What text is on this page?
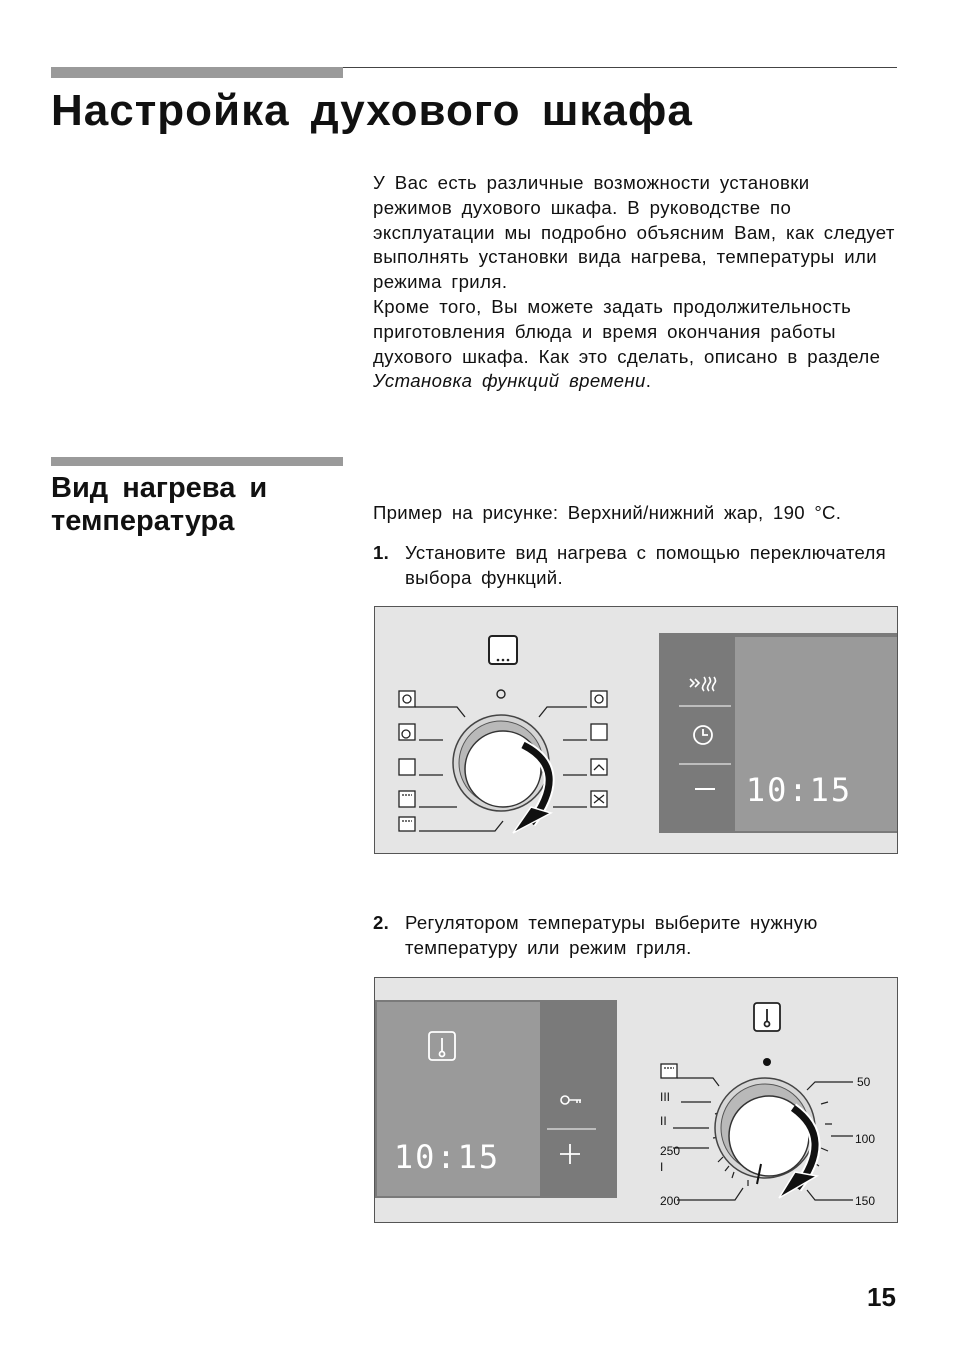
Настройка духового шкафа

У Вас есть различные возможности установки режимов духового шкафа. В руководстве по эксплуатации мы подробно объясним Вам, как следует выполнять установки вида нагрева, температуры или режима гриля.

Кроме того, Вы можете задать продолжительность приготовления блюда и время окончания работы духового шкафа. Как это сделать, описано в разделе Установка функций времени.

Вид нагрева и температура	Пример на рисунке: Верхний/нижний жар, 190 °C.
1. Установите вид нагрева с помощью переключателя выбора функций.
10:15
2. Регулятором температуры выберите нужную температуру или режим гриля.
10:15
III
II
I
250
200
50
100
150
15
